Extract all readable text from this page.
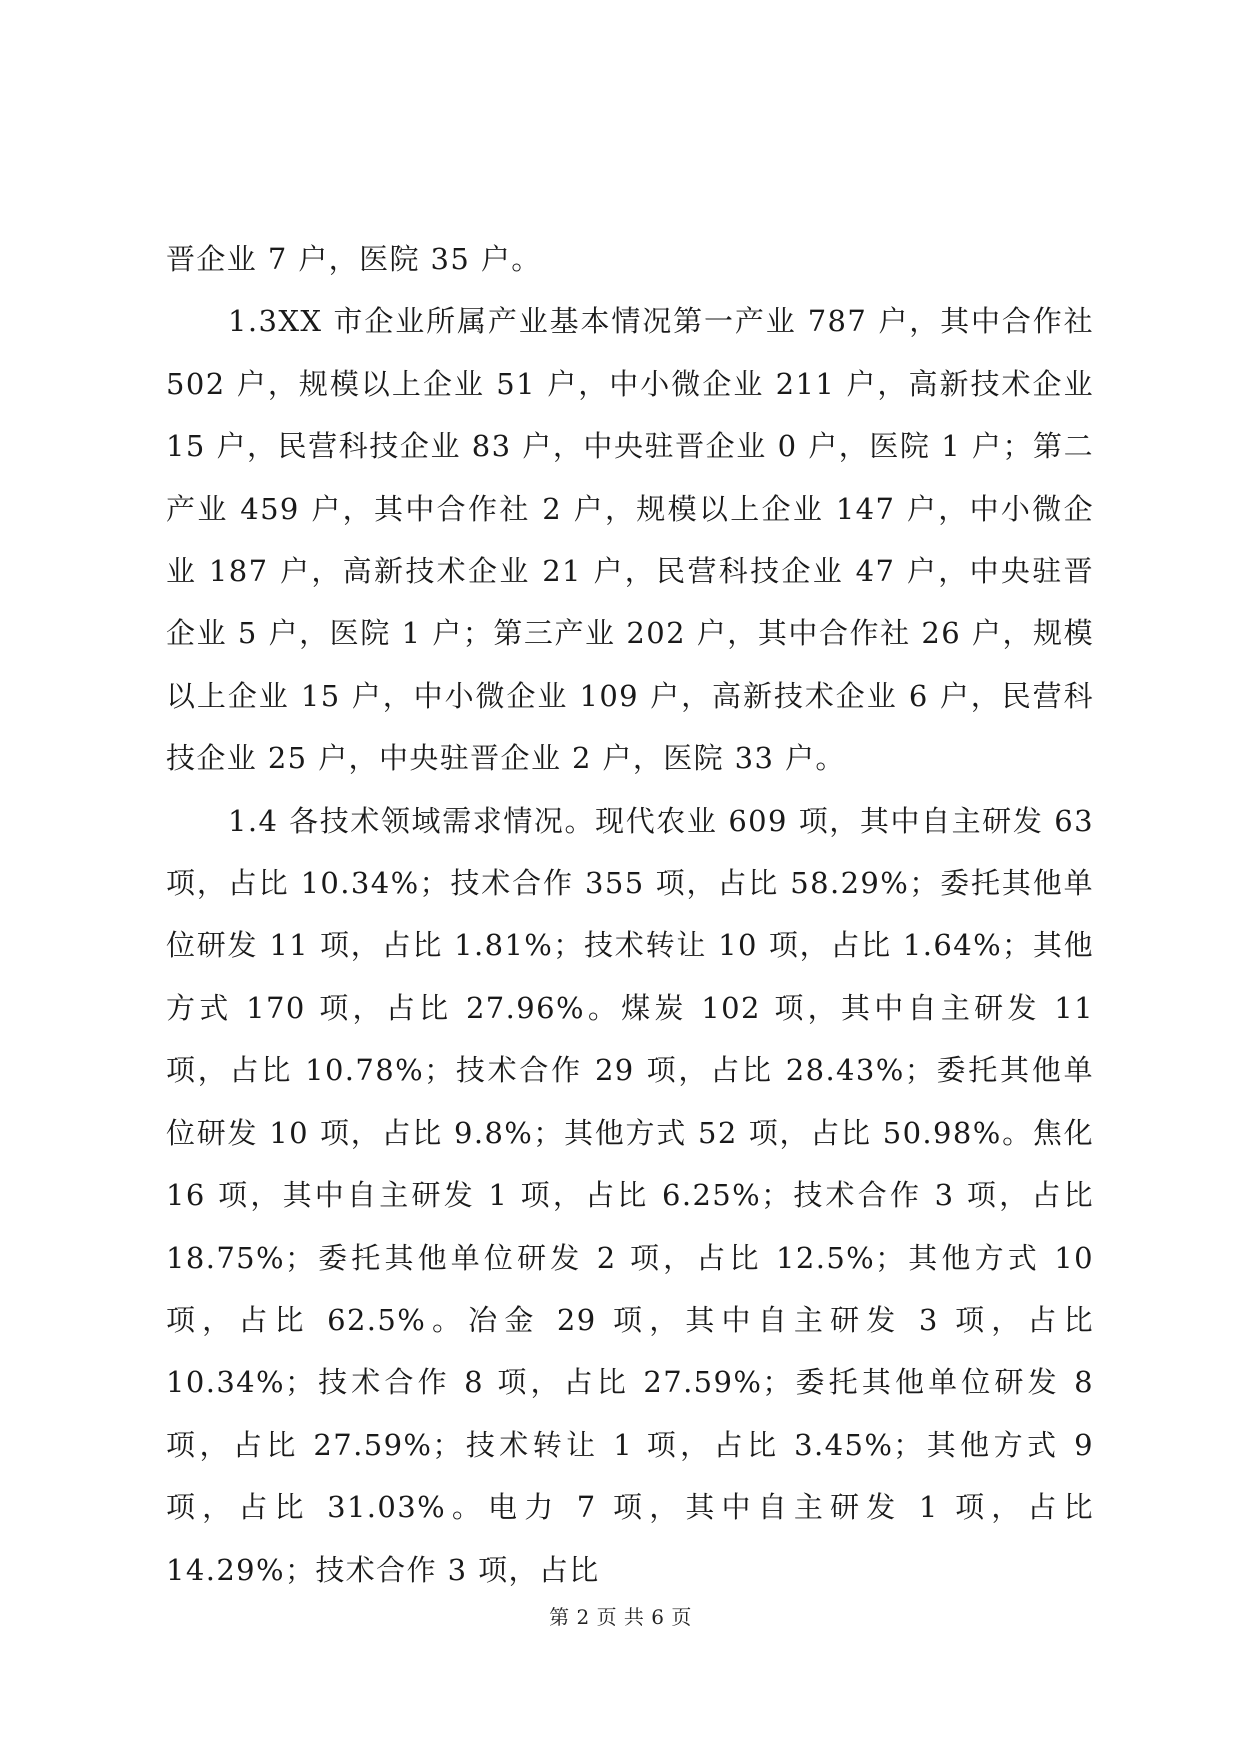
晋企业 7 户，医院 35 户。

1.3XX 市企业所属产业基本情况第一产业 787 户，其中合作社 502 户，规模以上企业 51 户，中小微企业 211 户，高新技术企业 15 户，民营科技企业 83 户，中央驻晋企业 0 户，医院 1 户；第二产业 459 户，其中合作社 2 户，规模以上企业 147 户，中小微企业 187 户，高新技术企业 21 户，民营科技企业 47 户，中央驻晋企业 5 户，医院 1 户；第三产业 202 户，其中合作社 26 户，规模以上企业 15 户，中小微企业 109 户，高新技术企业 6 户，民营科技企业 25 户，中央驻晋企业 2 户，医院 33 户。

1.4 各技术领域需求情况。现代农业 609 项，其中自主研发 63 项，占比 10.34%；技术合作 355 项，占比 58.29%；委托其他单位研发 11 项，占比 1.81%；技术转让 10 项，占比 1.64%；其他方式 170 项，占比 27.96%。煤炭 102 项，其中自主研发 11 项，占比 10.78%；技术合作 29 项，占比 28.43%；委托其他单位研发 10 项，占比 9.8%；其他方式 52 项，占比 50.98%。焦化 16 项，其中自主研发 1 项，占比 6.25%；技术合作 3 项，占比 18.75%；委托其他单位研发 2 项，占比 12.5%；其他方式 10 项，占比 62.5%。冶金 29 项，其中自主研发 3 项，占比 10.34%；技术合作 8 项，占比 27.59%；委托其他单位研发 8 项，占比 27.59%；技术转让 1 项，占比 3.45%；其他方式 9 项，占比 31.03%。电力 7 项，其中自主研发 1 项，占比 14.29%；技术合作 3 项，占比

第 2 页 共 6 页
